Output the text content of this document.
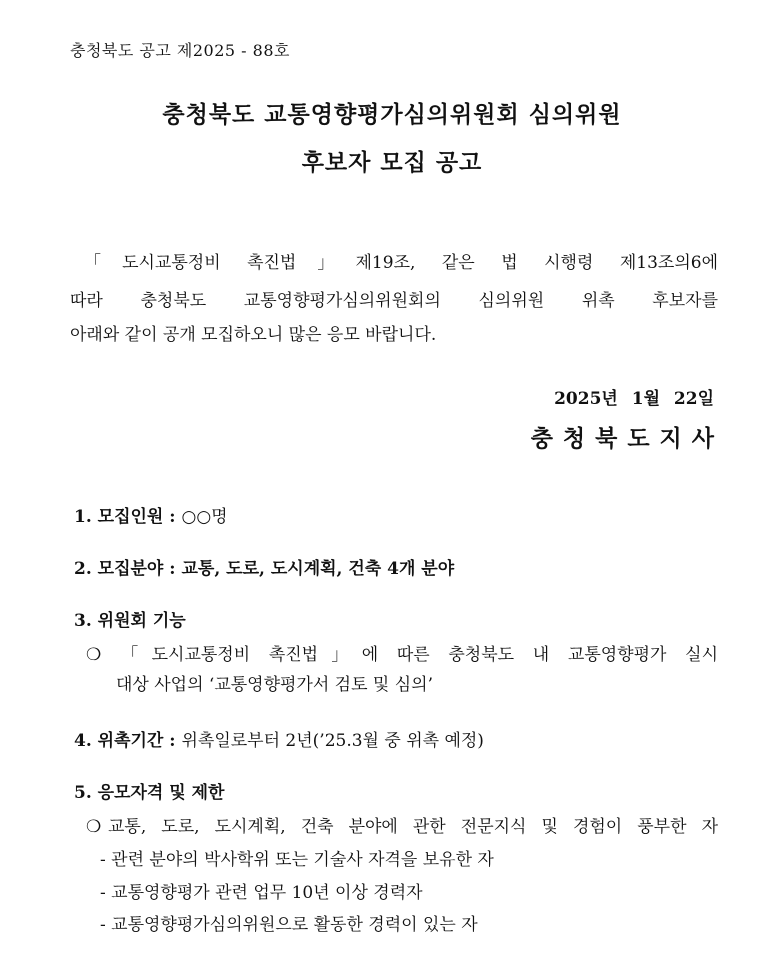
충청북도 공고 제2025 - 88호
충청북도 교통영향평가심의위원회 심의위원
후보자 모집 공고
「도시교통정비 촉진법」제19조, 같은 법 시행령 제13조의6에
따라 충청북도 교통영향평가심의위원회의 심의위원 위촉 후보자를
아래와 같이 공개 모집하오니 많은 응모 바랍니다.
2025년 1월 22일
충청북도지사
1. 모집인원 : ○○명
2. 모집분야 : 교통, 도로, 도시계획, 건축 4개 분야
3. 위원회 기능
❍ 「도시교통정비 촉진법」에 따른 충청북도 내 교통영향평가 실시
대상 사업의 ‘교통영향평가서 검토 및 심의’
4. 위촉기간 : 위촉일로부터 2년(’25.3월 중 위촉 예정)
5. 응모자격 및 제한
❍ 교통, 도로, 도시계획, 건축 분야에 관한 전문지식 및 경험이 풍부한 자
- 관련 분야의 박사학위 또는 기술사 자격을 보유한 자
- 교통영향평가 관련 업무 10년 이상 경력자
- 교통영향평가심의위원으로 활동한 경력이 있는 자
